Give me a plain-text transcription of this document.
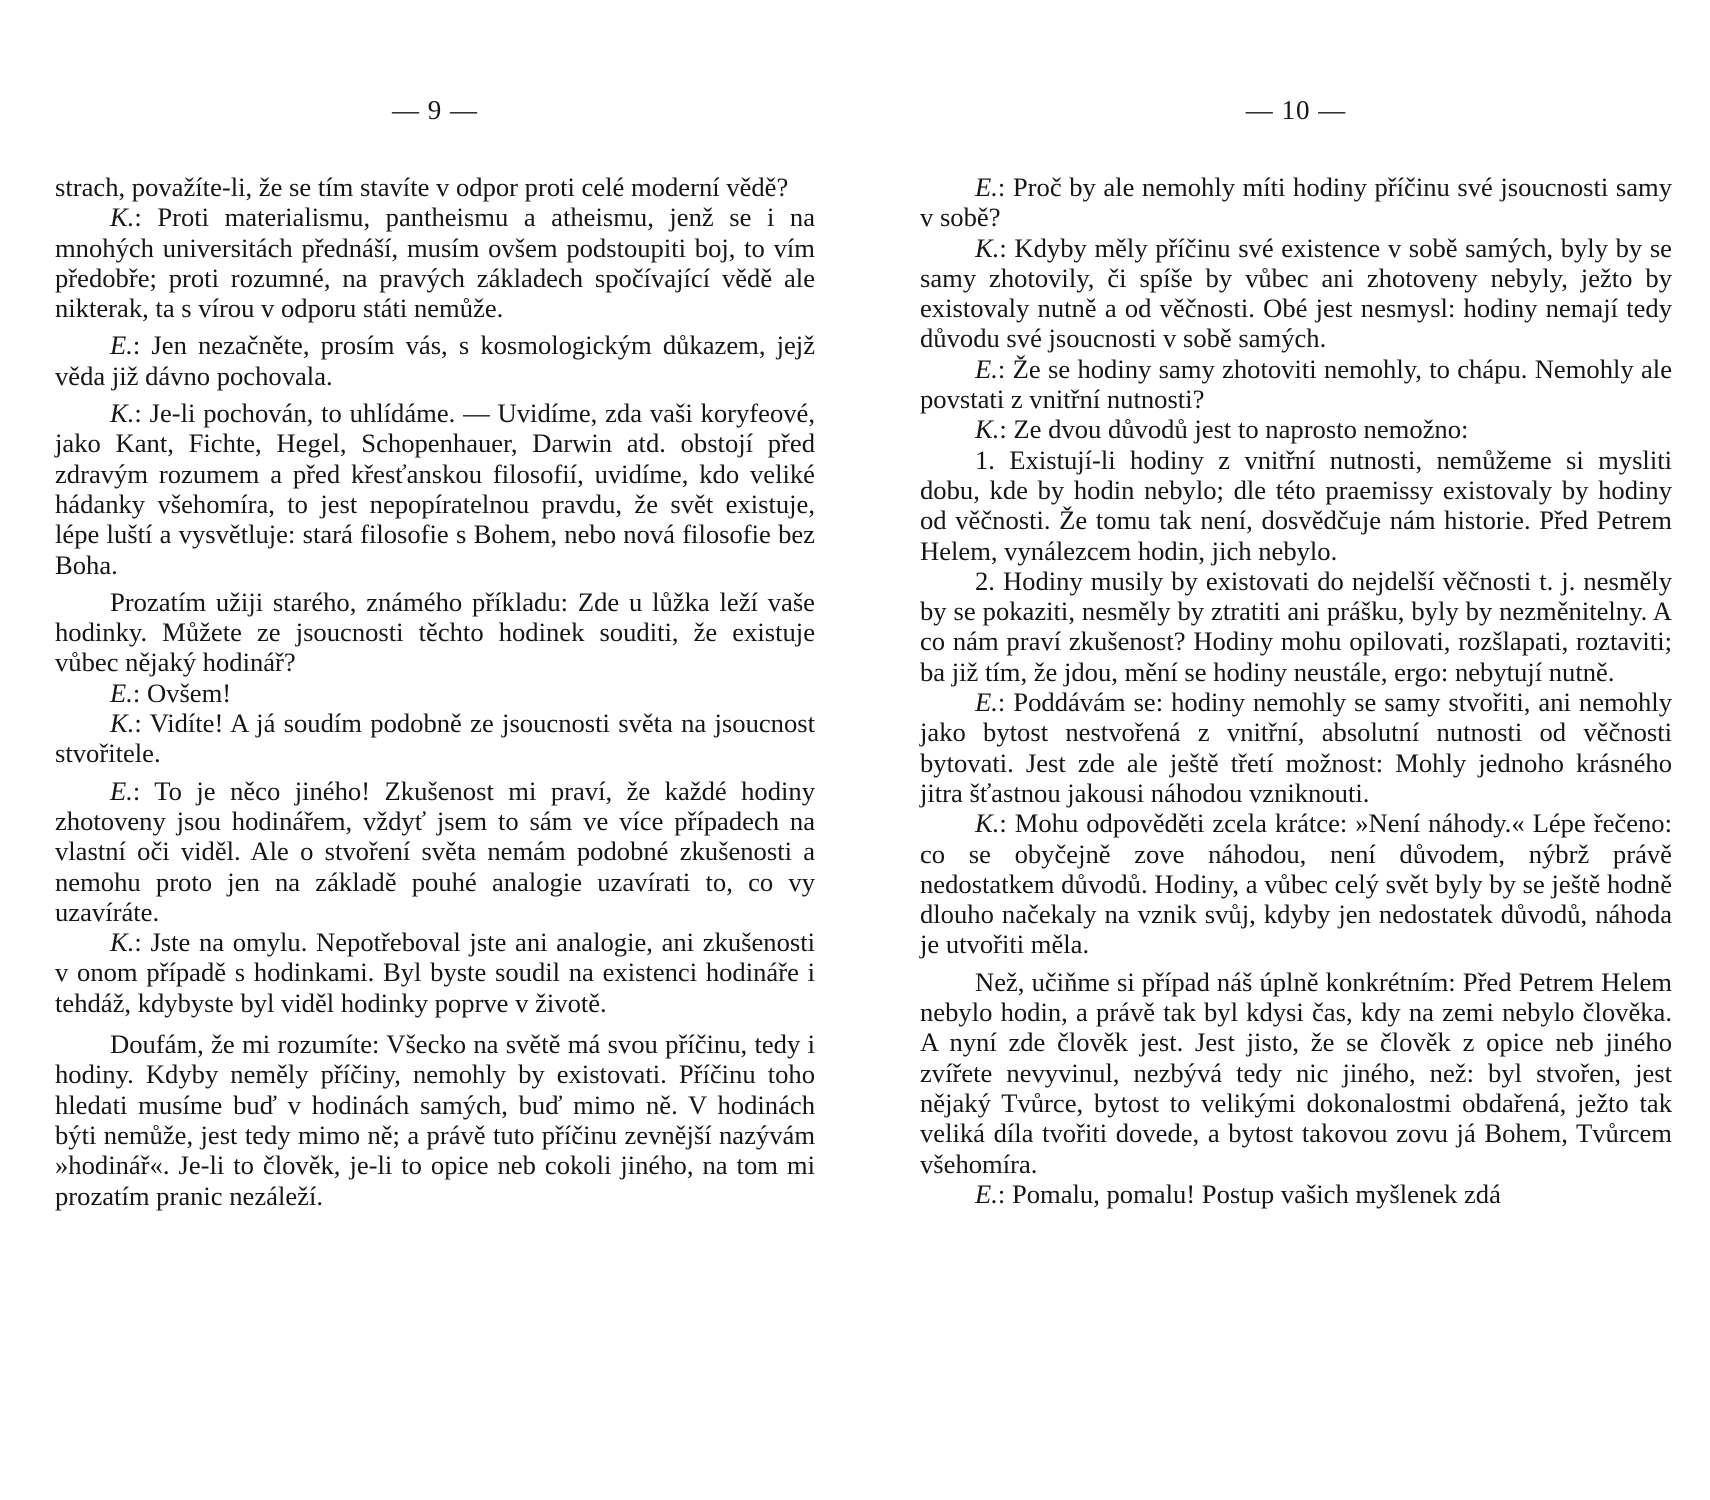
— 9 —

strach, považíte-li, že se tím stavíte v odpor proti celé moderní vědě?

K.: Proti materialismu, pantheismu a atheismu, jenž se i na mnohých universitách přednáší, musím ovšem podstoupiti boj, to vím předobře; proti rozumné, na pravých základech spočívající vědě ale nikterak, ta s vírou v odporu státi nemůže.

E.: Jen nezačněte, prosím vás, s kosmologickým důkazem, jejž věda již dávno pochovala.

K.: Je-li pochován, to uhlídáme. — Uvidíme, zda vaši koryfeové, jako Kant, Fichte, Hegel, Schopenhauer, Darwin atd. obstojí před zdravým rozumem a před křesťanskou filosofií, uvidíme, kdo veliké hádanky všehomíra, to jest nepopíratelnou pravdu, že svět existuje, lépe luští a vysvětluje: stará filosofie s Bohem, nebo nová filosofie bez Boha.

Prozatím užiji starého, známého příkladu: Zde u lůžka leží vaše hodinky. Můžete ze jsoucnosti těchto hodinek souditi, že existuje vůbec nějaký hodinář?

E.: Ovšem!

K.: Vidíte! A já soudím podobně ze jsoucnosti světa na jsoucnost stvořitele.

E.: To je něco jiného! Zkušenost mi praví, že každé hodiny zhotoveny jsou hodinářem, vždyť jsem to sám ve více případech na vlastní oči viděl. Ale o stvoření světa nemám podobné zkušenosti a nemohu proto jen na základě pouhé analogie uzavírati to, co vy uzavíráte.

K.: Jste na omylu. Nepotřeboval jste ani analogie, ani zkušenosti v onom případě s hodinkami. Byl byste soudil na existenci hodináře i tehdáž, kdybyste byl viděl hodinky poprve v životě.

Doufám, že mi rozumíte: Všecko na světě má svou příčinu, tedy i hodiny. Kdyby neměly příčiny, nemohly by existovati. Příčinu toho hledati musíme buď v hodinách samých, buď mimo ně. V hodinách býti nemůže, jest tedy mimo ně; a právě tuto příčinu zevnější nazývám »hodinář«. Je-li to člověk, je-li to opice neb cokoli jiného, na tom mi prozatím pranic nezáleží.

— 10 —

E.: Proč by ale nemohly míti hodiny příčinu své jsoucnosti samy v sobě?

K.: Kdyby měly příčinu své existence v sobě samých, byly by se samy zhotovily, či spíše by vůbec ani zhotoveny nebyly, ježto by existovaly nutně a od věčnosti. Obé jest nesmysl: hodiny nemají tedy důvodu své jsoucnosti v sobě samých.

E.: Že se hodiny samy zhotoviti nemohly, to chápu. Nemohly ale povstati z vnitřní nutnosti?

K.: Ze dvou důvodů jest to naprosto nemožno:

1. Existují-li hodiny z vnitřní nutnosti, nemůžeme si mysliti dobu, kde by hodin nebylo; dle této praemissy existovaly by hodiny od věčnosti. Že tomu tak není, dosvědčuje nám historie. Před Petrem Helem, vynálezcem hodin, jich nebylo.

2. Hodiny musily by existovati do nejdelší věčnosti t. j. nesměly by se pokaziti, nesměly by ztratiti ani prášku, byly by nezměnitelny. A co nám praví zkušenost? Hodiny mohu opilovati, rozšlapati, roztaviti; ba již tím, že jdou, mění se hodiny neustále, ergo: nebytují nutně.

E.: Poddávám se: hodiny nemohly se samy stvořiti, ani nemohly jako bytost nestvořená z vnitřní, absolutní nutnosti od věčnosti bytovati. Jest zde ale ještě třetí možnost: Mohly jednoho krásného jitra šťastnou jakousi náhodou vzniknouti.

K.: Mohu odpověděti zcela krátce: »Není náhody.« Lépe řečeno: co se obyčejně zove náhodou, není důvodem, nýbrž právě nedostatkem důvodů. Hodiny, a vůbec celý svět byly by se ještě hodně dlouho načekaly na vznik svůj, kdyby jen nedostatek důvodů, náhoda je utvořiti měla.

Než, učiňme si případ náš úplně konkrétním: Před Petrem Helem nebylo hodin, a právě tak byl kdysi čas, kdy na zemi nebylo člověka. A nyní zde člověk jest. Jest jisto, že se člověk z opice neb jiného zvířete nevyvinul, nezbývá tedy nic jiného, než: byl stvořen, jest nějaký Tvůrce, bytost to velikými dokonalostmi obdařená, ježto tak veliká díla tvořiti dovede, a bytost takovou zovu já Bohem, Tvůrcem všehomíra.

E.: Pomalu, pomalu! Postup vašich myšlenek zdá
